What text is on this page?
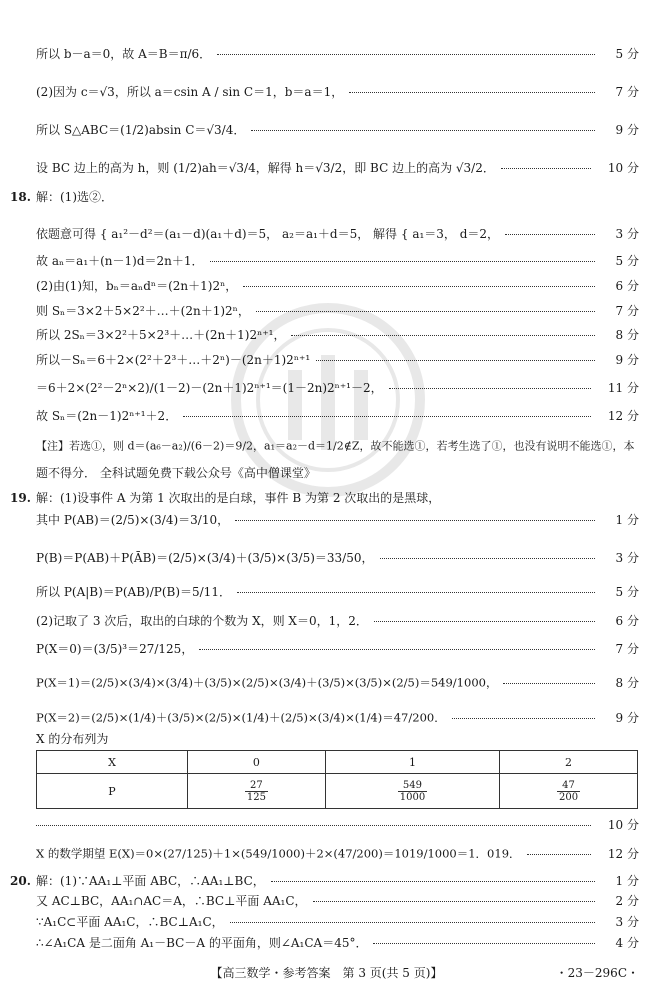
所以 b－a＝0，故 A＝B＝π/6．	5 分
(2)因为 c＝√3，所以 a＝csin A / sin C＝1，b＝a＝1，	7 分
所以 S△ABC＝(1/2)absin C＝√3/4．	9 分
设 BC 边上的高为 h，则 (1/2)ah＝√3/4，解得 h＝√3/2，即 BC 边上的高为 √3/2．	10 分
18. 解：(1)选②．
依题意可得 { a₁²－d²＝(a₁－d)(a₁＋d)＝5， a₂＝a₁＋d＝5， 解得 { a₁＝3， d＝2，	3 分
故 aₙ＝a₁＋(n－1)d＝2n＋1．	5 分
(2)由(1)知，bₙ＝aₙdⁿ＝(2n＋1)2ⁿ，	6 分
则 Sₙ＝3×2＋5×2²＋…＋(2n＋1)2ⁿ，	7 分
所以 2Sₙ＝3×2²＋5×2³＋…＋(2n＋1)2ⁿ⁺¹，	8 分
所以－Sₙ＝6＋2×(2²＋2³＋…＋2ⁿ)－(2n＋1)2ⁿ⁺¹	9 分
＝6＋2×(2²－2ⁿ×2)/(1－2)－(2n＋1)2ⁿ⁺¹＝(1－2n)2ⁿ⁺¹－2，	11 分
故 Sₙ＝(2n－1)2ⁿ⁺¹＋2．	12 分
【注】若选①，则 d＝(a₆－a₂)/(6－2)＝9/2，a₁＝a₂－d＝1/2∉Z，故不能选①，若考生选了①，也没有说明不能选①，本
题不得分． 全科试题免费下载公众号《高中僧课堂》
19. 解：(1)设事件 A 为第 1 次取出的是白球，事件 B 为第 2 次取出的是黑球，
其中 P(AB)＝(2/5)×(3/4)＝3/10，	1 分
P(B)＝P(AB)＋P(ĀB)＝(2/5)×(3/4)＋(3/5)×(3/5)＝33/50，	3 分
所以 P(A|B)＝P(AB)/P(B)＝5/11．	5 分
(2)记取了 3 次后，取出的白球的个数为 X，则 X＝0，1，2．	6 分
P(X＝0)＝(3/5)³＝27/125，	7 分
P(X＝1)＝(2/5)×(3/4)×(3/4)＋(3/5)×(2/5)×(3/4)＋(3/5)×(3/5)×(2/5)＝549/1000，	8 分
P(X＝2)＝(2/5)×(1/4)＋(3/5)×(2/5)×(1/4)＋(2/5)×(3/4)×(1/4)＝47/200．	9 分
X 的分布列为
X	0	1	2
P	$\frac{27}{125}$	$\frac{549}{1000}$	$\frac{47}{200}$
10 分
X 的数学期望 E(X)＝0×(27/125)＋1×(549/1000)＋2×(47/200)＝1019/1000＝1．019．	12 分
20. 解：(1)∵AA₁⊥平面 ABC，∴AA₁⊥BC，	1 分
又 AC⊥BC，AA₁∩AC＝A，∴BC⊥平面 AA₁C，	2 分
∵A₁C⊂平面 AA₁C，∴BC⊥A₁C，	3 分
∴∠A₁CA 是二面角 A₁－BC－A 的平面角，则∠A₁CA＝45°．	4 分
【高三数学・参考答案　第 3 页(共 5 页)】	・23－296C・
